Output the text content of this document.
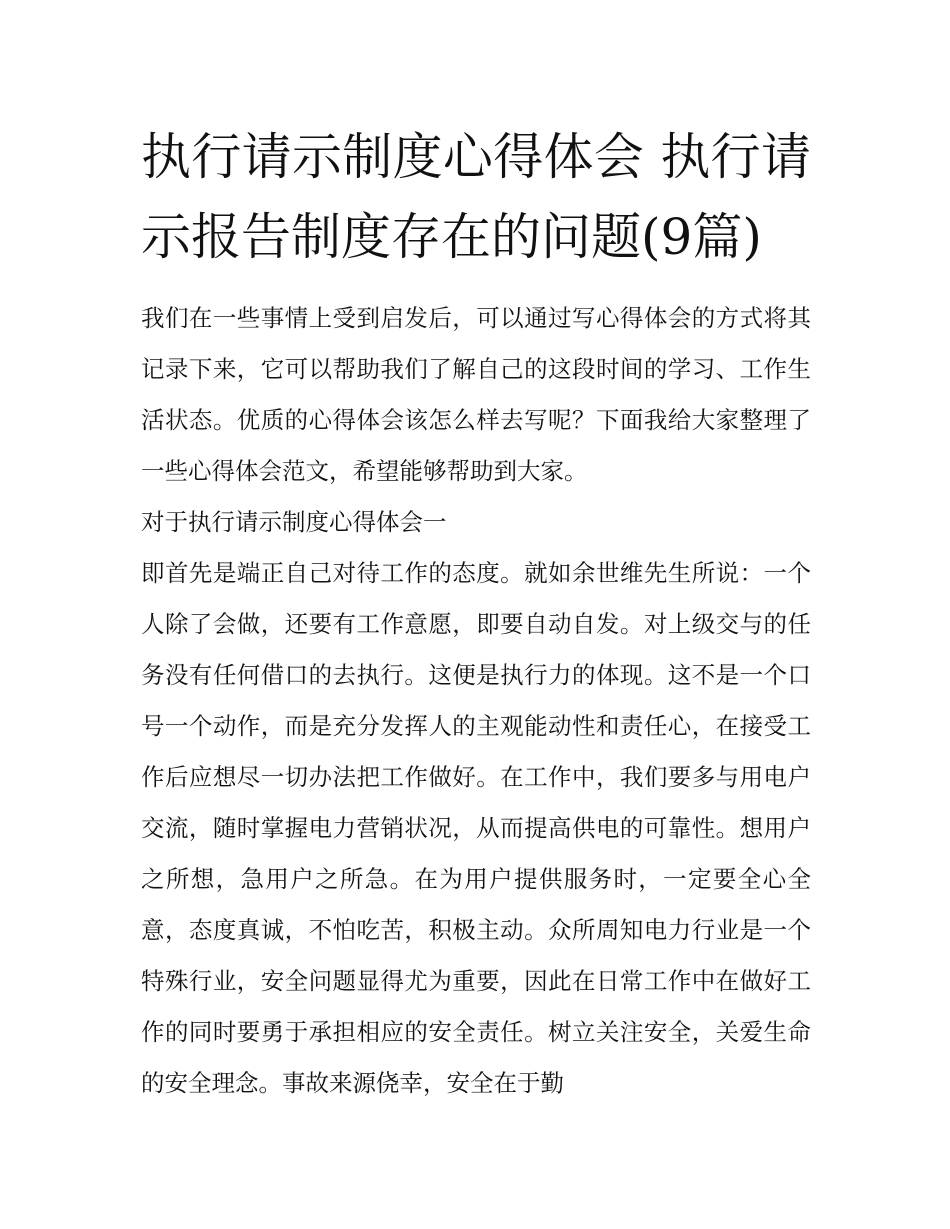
执行请示制度心得体会 执行请示报告制度存在的问题(9篇)

我们在一些事情上受到启发后，可以通过写心得体会的方式将其记录下来，它可以帮助我们了解自己的这段时间的学习、工作生活状态。优质的心得体会该怎么样去写呢？下面我给大家整理了一些心得体会范文，希望能够帮助到大家。

对于执行请示制度心得体会一

即首先是端正自己对待工作的态度。就如余世维先生所说：一个人除了会做，还要有工作意愿，即要自动自发。对上级交与的任务没有任何借口的去执行。这便是执行力的体现。这不是一个口号一个动作，而是充分发挥人的主观能动性和责任心，在接受工作后应想尽一切办法把工作做好。在工作中，我们要多与用电户交流，随时掌握电力营销状况，从而提高供电的可靠性。想用户之所想，急用户之所急。在为用户提供服务时，一定要全心全意，态度真诚，不怕吃苦，积极主动。众所周知电力行业是一个特殊行业，安全问题显得尤为重要，因此在日常工作中在做好工作的同时要勇于承担相应的安全责任。树立关注安全，关爱生命的安全理念。事故来源侥幸，安全在于勤
